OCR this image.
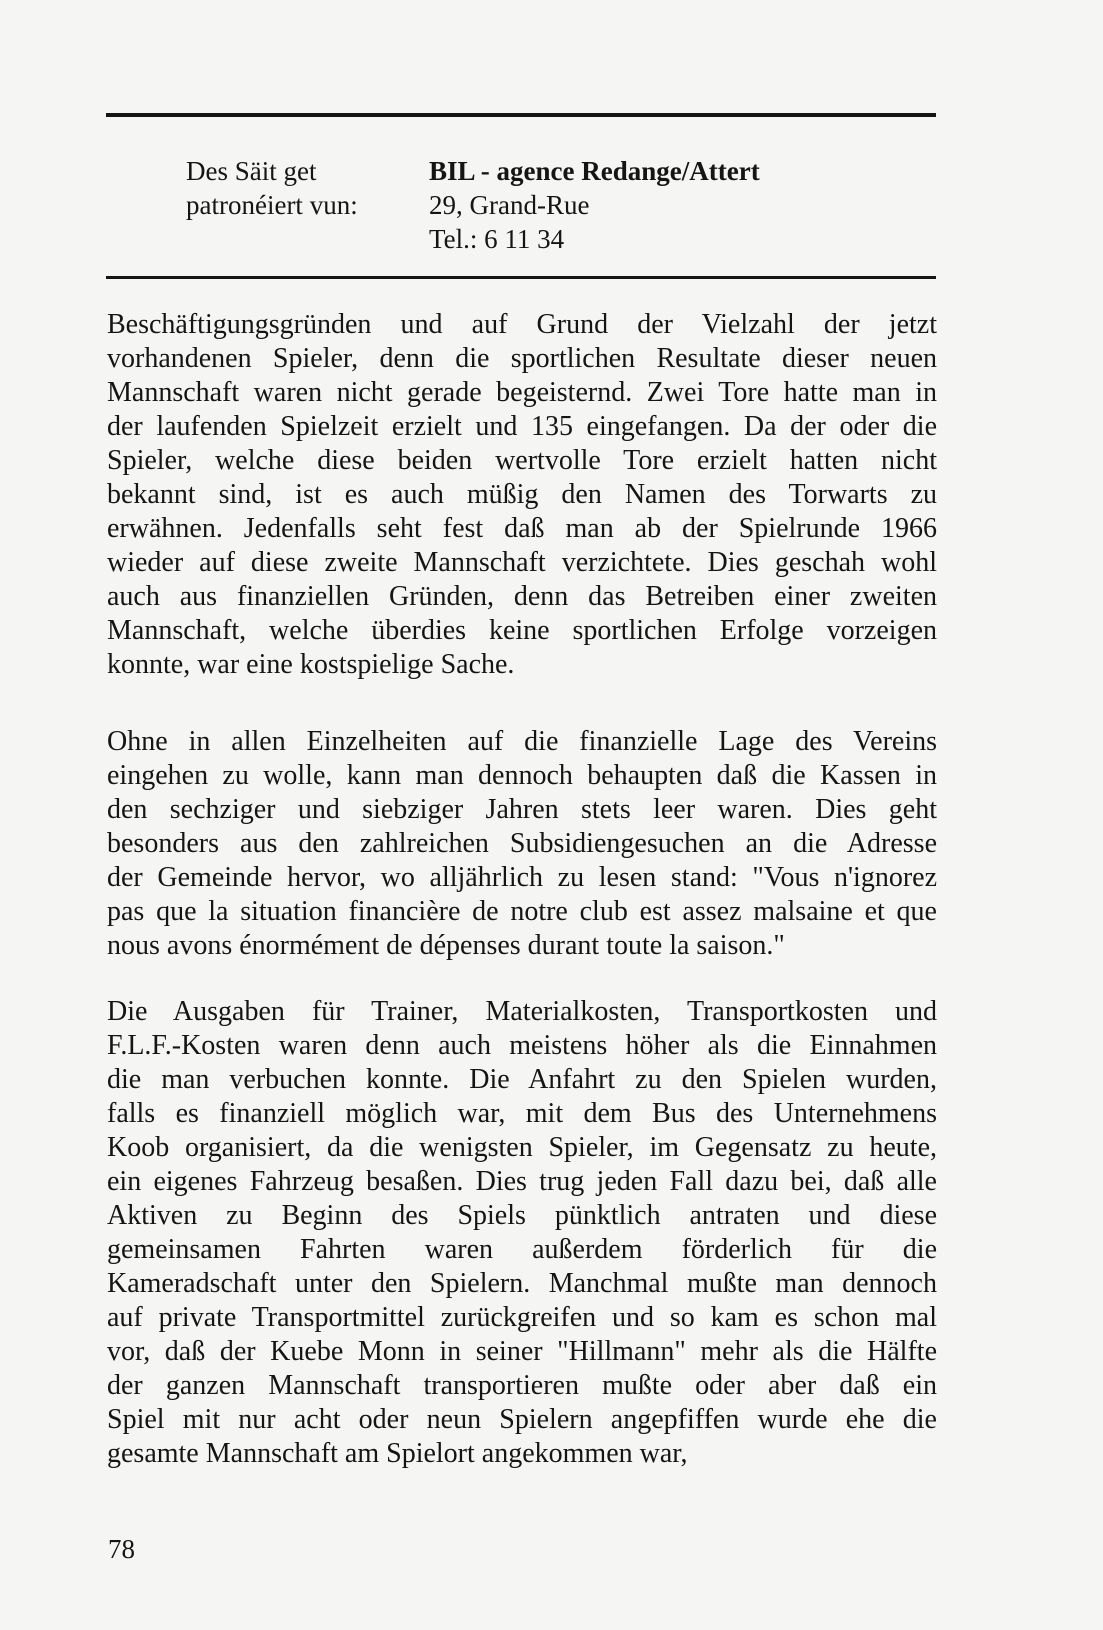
Des Säit get
patronéiert vun:
BIL - agence Redange/Attert
29, Grand-Rue
Tel.: 6 11 34
Beschäftigungsgründen und auf Grund der Vielzahl der jetzt
vorhandenen Spieler, denn die sportlichen Resultate dieser neuen
Mannschaft waren nicht gerade begeisternd. Zwei Tore hatte man in
der laufenden Spielzeit erzielt und 135 eingefangen. Da der oder die
Spieler, welche diese beiden wertvolle Tore erzielt hatten nicht
bekannt sind, ist es auch müßig den Namen des Torwarts zu
erwähnen. Jedenfalls seht fest daß man ab der Spielrunde 1966
wieder auf diese zweite Mannschaft verzichtete. Dies geschah wohl
auch aus finanziellen Gründen, denn das Betreiben einer zweiten
Mannschaft, welche überdies keine sportlichen Erfolge vorzeigen
konnte, war eine kostspielige Sache.
Ohne in allen Einzelheiten auf die finanzielle Lage des Vereins
eingehen zu wolle, kann man dennoch behaupten daß die Kassen in
den sechziger und siebziger Jahren stets leer waren. Dies geht
besonders aus den zahlreichen Subsidiengesuchen an die Adresse
der Gemeinde hervor, wo alljährlich zu lesen stand: "Vous n'ignorez
pas que la situation financière de notre club est assez malsaine et que
nous avons énormément de dépenses durant toute la saison."
Die Ausgaben für Trainer, Materialkosten, Transportkosten und
F.L.F.-Kosten waren denn auch meistens höher als die Einnahmen
die man verbuchen konnte. Die Anfahrt zu den Spielen wurden,
falls es finanziell möglich war, mit dem Bus des Unternehmens
Koob organisiert, da die wenigsten Spieler, im Gegensatz zu heute,
ein eigenes Fahrzeug besaßen. Dies trug jeden Fall dazu bei, daß alle
Aktiven zu Beginn des Spiels pünktlich antraten und diese
gemeinsamen Fahrten waren außerdem förderlich für die
Kameradschaft unter den Spielern. Manchmal mußte man dennoch
auf private Transportmittel zurückgreifen und so kam es schon mal
vor, daß der Kuebe Monn in seiner "Hillmann" mehr als die Hälfte
der ganzen Mannschaft transportieren mußte oder aber daß ein
Spiel mit nur acht oder neun Spielern angepfiffen wurde ehe die
gesamte Mannschaft am Spielort angekommen war,
78
